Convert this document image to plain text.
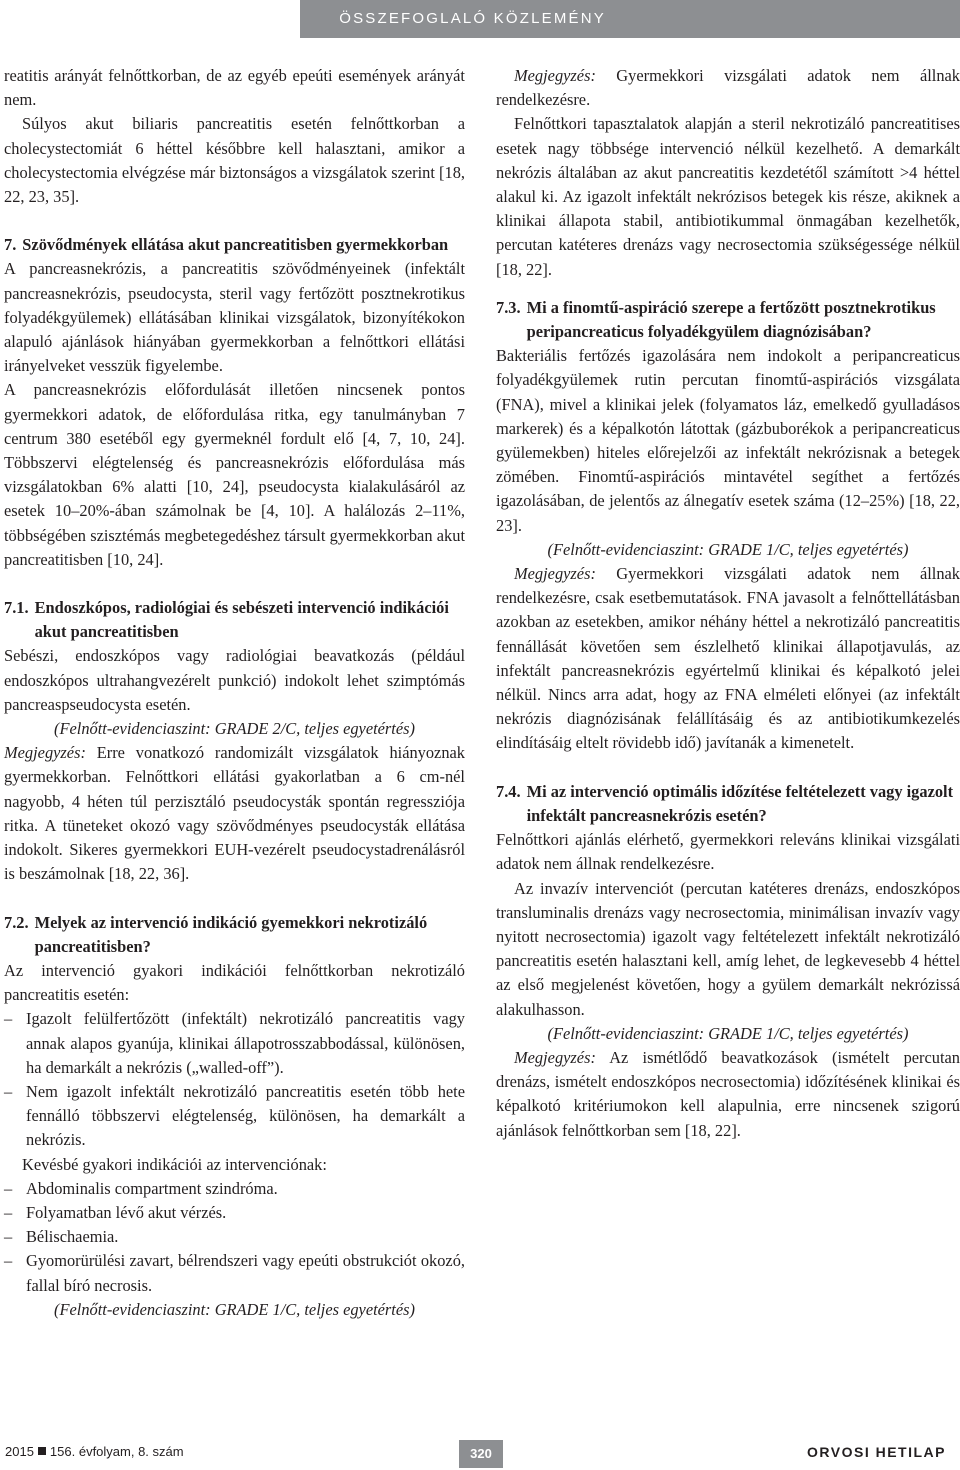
ÖSSZEFOGLALÓ KÖZLEMÉNY

reatitis arányát felnőttkorban, de az egyéb epeúti események arányát nem.

Súlyos akut biliaris pancreatitis esetén felnőttkorban a cholecystectomiát 6 héttel későbbre kell halasztani, amikor a cholecystectomia elvégzése már biztonságos a vizsgálatok szerint [18, 22, 23, 35].

7. Szövődmények ellátása akut pancreatitisben gyermekkorban

A pancreasnekrózis, a pancreatitis szövődményeinek (infektált pancreasnekrózis, pseudocysta, steril vagy fertőzött posztnekrotikus folyadékgyülemek) ellátásában klinikai vizsgálatok, bizonyítékokon alapuló ajánlások hiányában gyermekkorban a felnőttkori ellátási irányelveket vesszük figyelembe.

A pancreasnekrózis előfordulását illetően nincsenek pontos gyermekkori adatok, de előfordulása ritka, egy tanulmányban 7 centrum 380 esetéből egy gyermeknél fordult elő [4, 7, 10, 24]. Többszervi elégtelenség és pancreasnekrózis előfordulása más vizsgálatokban 6% alatti [10, 24], pseudocysta kialakulásáról az esetek 10–20%-ában számolnak be [4, 10]. A halálozás 2–11%, többségében szisztémás megbetegedéshez társult gyermekkorban akut pancreatitisben [10, 24].

7.1. Endoszkópos, radiológiai és sebészeti intervenció indikációi akut pancreatitisben

Sebészi, endoszkópos vagy radiológiai beavatkozás (például endoszkópos ultrahangvezérelt punkció) indokolt lehet szimptómás pancreaspseudocysta esetén.

(Felnőtt-evidenciaszint: GRADE 2/C, teljes egyetértés)

Megjegyzés: Erre vonatkozó randomizált vizsgálatok hiányoznak gyermekkorban. Felnőttkori ellátási gyakorlatban a 6 cm-nél nagyobb, 4 héten túl perzisztáló pseudocysták spontán regressziója ritka. A tüneteket okozó vagy szövődményes pseudocysták ellátása indokolt. Sikeres gyermekkori EUH-vezérelt pseudocystadrenálásról is beszámolnak [18, 22, 36].

7.2. Melyek az intervenció indikáció gyemekkori nekrotizáló pancreatitisben?

Az intervenció gyakori indikációi felnőttkorban nekrotizáló pancreatitis esetén:

– Igazolt felülfertőzött (infektált) nekrotizáló pancreatitis vagy annak alapos gyanúja, klinikai állapotrosszabbodással, különösen, ha demarkált a nekrózis („walled-off”).
– Nem igazolt infektált nekrotizáló pancreatitis esetén több hete fennálló többszervi elégtelenség, különösen, ha demarkált a nekrózis.

Kevésbé gyakori indikációi az intervenciónak:

– Abdominalis compartment szindróma.
– Folyamatban lévő akut vérzés.
– Bélischaemia.
– Gyomorürülési zavart, bélrendszeri vagy epeúti obstrukciót okozó, fallal bíró necrosis.

(Felnőtt-evidenciaszint: GRADE 1/C, teljes egyetértés)

Megjegyzés: Gyermekkori vizsgálati adatok nem állnak rendelkezésre.

Felnőttkori tapasztalatok alapján a steril nekrotizáló pancreatitises esetek nagy többsége intervenció nélkül kezelhető. A demarkált nekrózis általában az akut pancreatitis kezdetétől számított >4 héttel alakul ki. Az igazolt infektált nekrózisos betegek kis része, akiknek a klinikai állapota stabil, antibiotikummal önmagában kezelhetők, percutan katéteres drenázs vagy necrosectomia szükségessége nélkül [18, 22].

7.3. Mi a finomtű-aspiráció szerepe a fertőzött posztnekrotikus peripancreaticus folyadékgyülem diagnózisában?

Bakteriális fertőzés igazolására nem indokolt a peripancreaticus folyadékgyülemek rutin percutan finomtű-aspirációs vizsgálata (FNA), mivel a klinikai jelek (folyamatos láz, emelkedő gyulladásos markerek) és a képalkotón látottak (gázbuborékok a peripancreaticus gyülemekben) hiteles előrejelzői az infektált nekrózisnak a betegek zömében. Finomtű-aspirációs mintavétel segíthet a fertőzés igazolásában, de jelentős az álnegatív esetek száma (12–25%) [18, 22, 23].

(Felnőtt-evidenciaszint: GRADE 1/C, teljes egyetértés)

Megjegyzés: Gyermekkori vizsgálati adatok nem állnak rendelkezésre, csak esetbemutatások. FNA javasolt a felnőttellátásban azokban az esetekben, amikor néhány héttel a nekrotizáló pancreatitis fennállását követően sem észlelhető klinikai állapotjavulás, az infektált pancreasnekrózis egyértelmű klinikai és képalkotó jelei nélkül. Nincs arra adat, hogy az FNA elméleti előnyei (az infektált nekrózis diagnózisának felállításáig és az antibiotikumkezelés elindításáig eltelt rövidebb idő) javítanák a kimenetelt.

7.4. Mi az intervenció optimális időzítése feltételezett vagy igazolt infektált pancreasnekrózis esetén?

Felnőttkori ajánlás elérhető, gyermekkori releváns klinikai vizsgálati adatok nem állnak rendelkezésre.

Az invazív intervenciót (percutan katéteres drenázs, endoszkópos transluminalis drenázs vagy necrosectomia, minimálisan invazív vagy nyitott necrosectomia) igazolt vagy feltételezett infektált nekrotizáló pancreatitis esetén halasztani kell, amíg lehet, de legkevesebb 4 héttel az első megjelenést követően, hogy a gyülem demarkált nekrózissá alakulhasson.

(Felnőtt-evidenciaszint: GRADE 1/C, teljes egyetértés)

Megjegyzés: Az ismétlődő beavatkozások (ismételt percutan drenázs, ismételt endoszkópos necrosectomia) időzítésének klinikai és képalkotó kritériumokon kell alapulnia, erre nincsenek szigorú ajánlások felnőttkorban sem [18, 22].

2015 156. évfolyam, 8. szám	320	ORVOSI HETILAP
